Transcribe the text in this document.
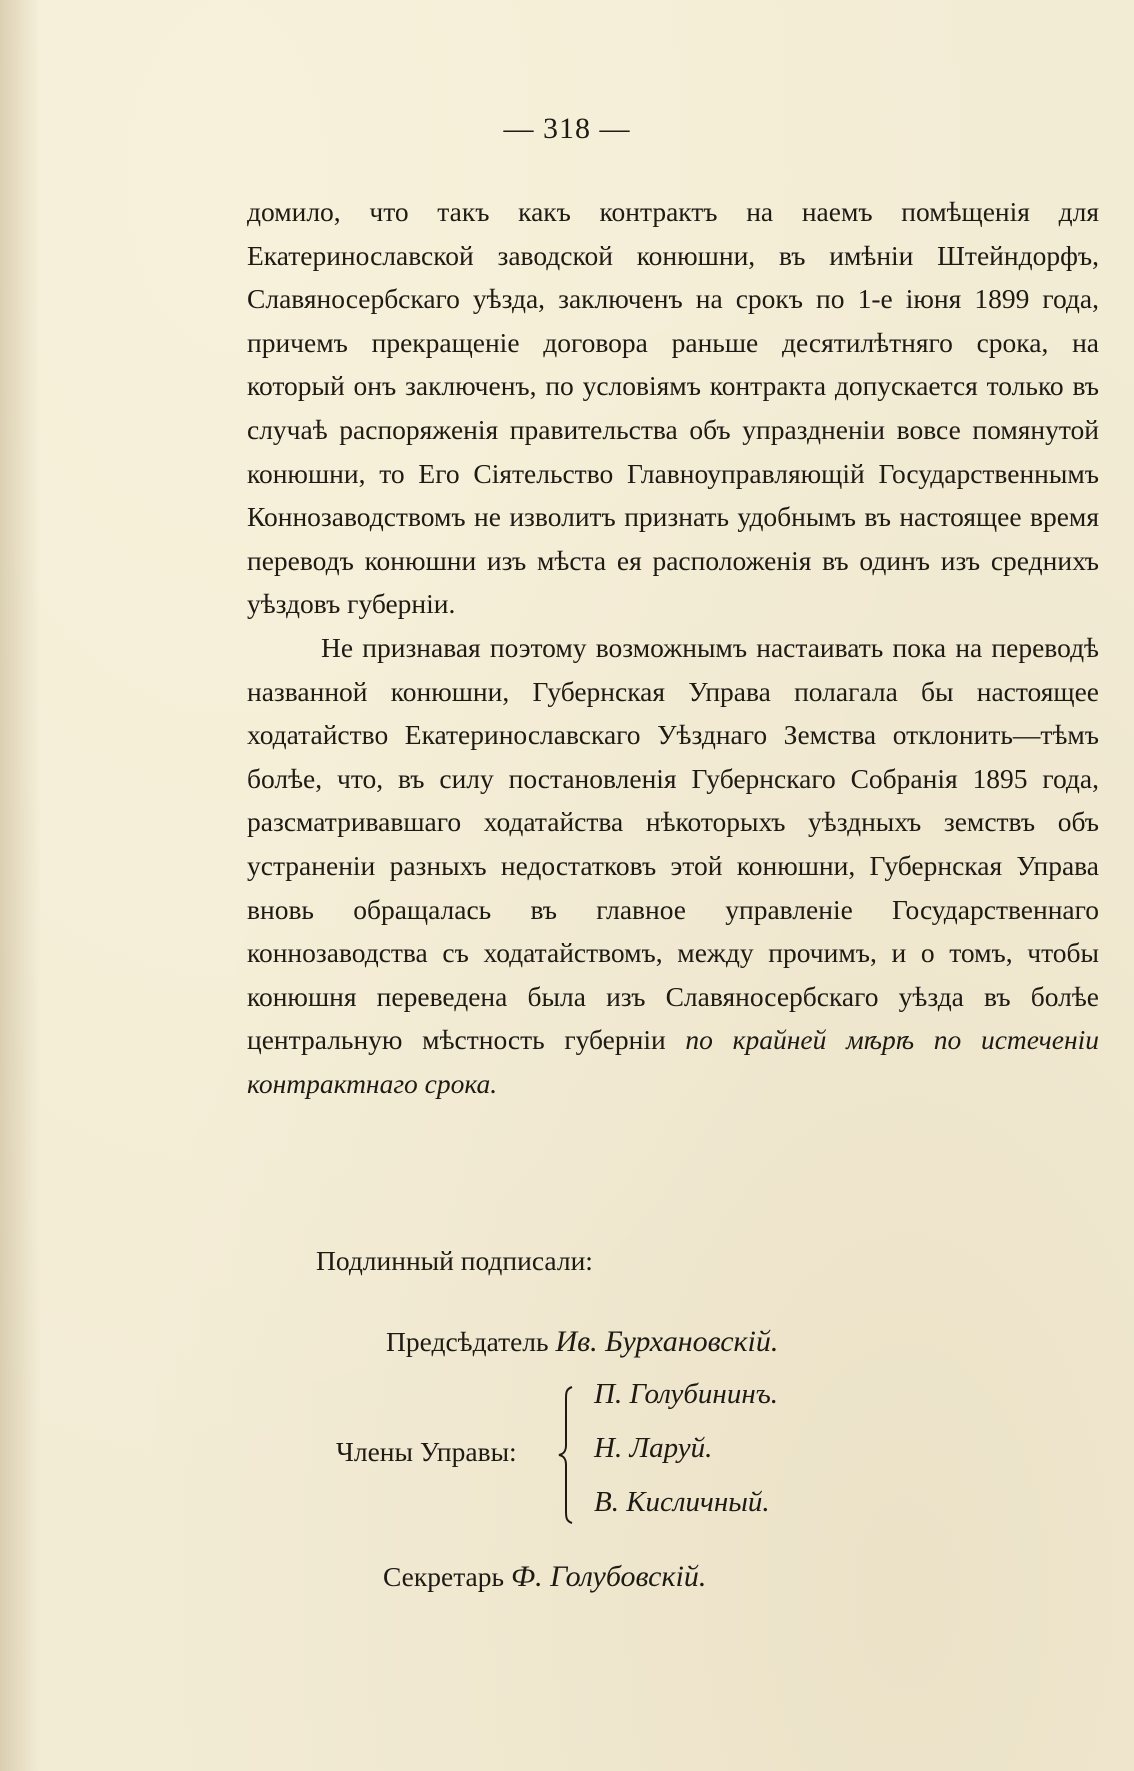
— 318 —

домило, что такъ какъ контрактъ на наемъ помѣщенія для Екатеринославской заводской конюшни, въ имѣніи Штейндорфъ, Славяносербскаго уѣзда, заключенъ на срокъ по 1-е іюня 1899 года, причемъ прекращеніе договора раньше десятилѣтняго срока, на который онъ заключенъ, по условіямъ контракта допускается только въ случаѣ распоряженія правительства объ упраздненіи вовсе помянутой конюшни, то Его Сіятельство Главноуправляющій Государственнымъ Коннозаводствомъ не изволитъ признать удобнымъ въ настоящее время переводъ конюшни изъ мѣста ея расположенія въ одинъ изъ среднихъ уѣздовъ губерніи.

Не признавая поэтому возможнымъ настаивать пока на переводѣ названной конюшни, Губернская Управа полагала бы настоящее ходатайство Екатеринославскаго Уѣзднаго Земства отклонить—тѣмъ болѣе, что, въ силу постановленія Губернскаго Собранія 1895 года, разсматривавшаго ходатайства нѣкоторыхъ уѣздныхъ земствъ объ устраненіи разныхъ недостатковъ этой конюшни, Губернская Управа вновь обращалась въ главное управленіе Государственнаго коннозаводства съ ходатайствомъ, между прочимъ, и о томъ, чтобы конюшня переведена была изъ Славяносербскаго уѣзда въ болѣе центральную мѣстность губерніи по крайней мѣрѣ по истеченіи контрактнаго срока.

Подлинный подписали:
Предсѣдатель Ив. Бурхановскій.
Члены Управы:
П. Голубининъ.
Н. Ларуй.
В. Кисличный.
Секретарь Ф. Голубовскій.
